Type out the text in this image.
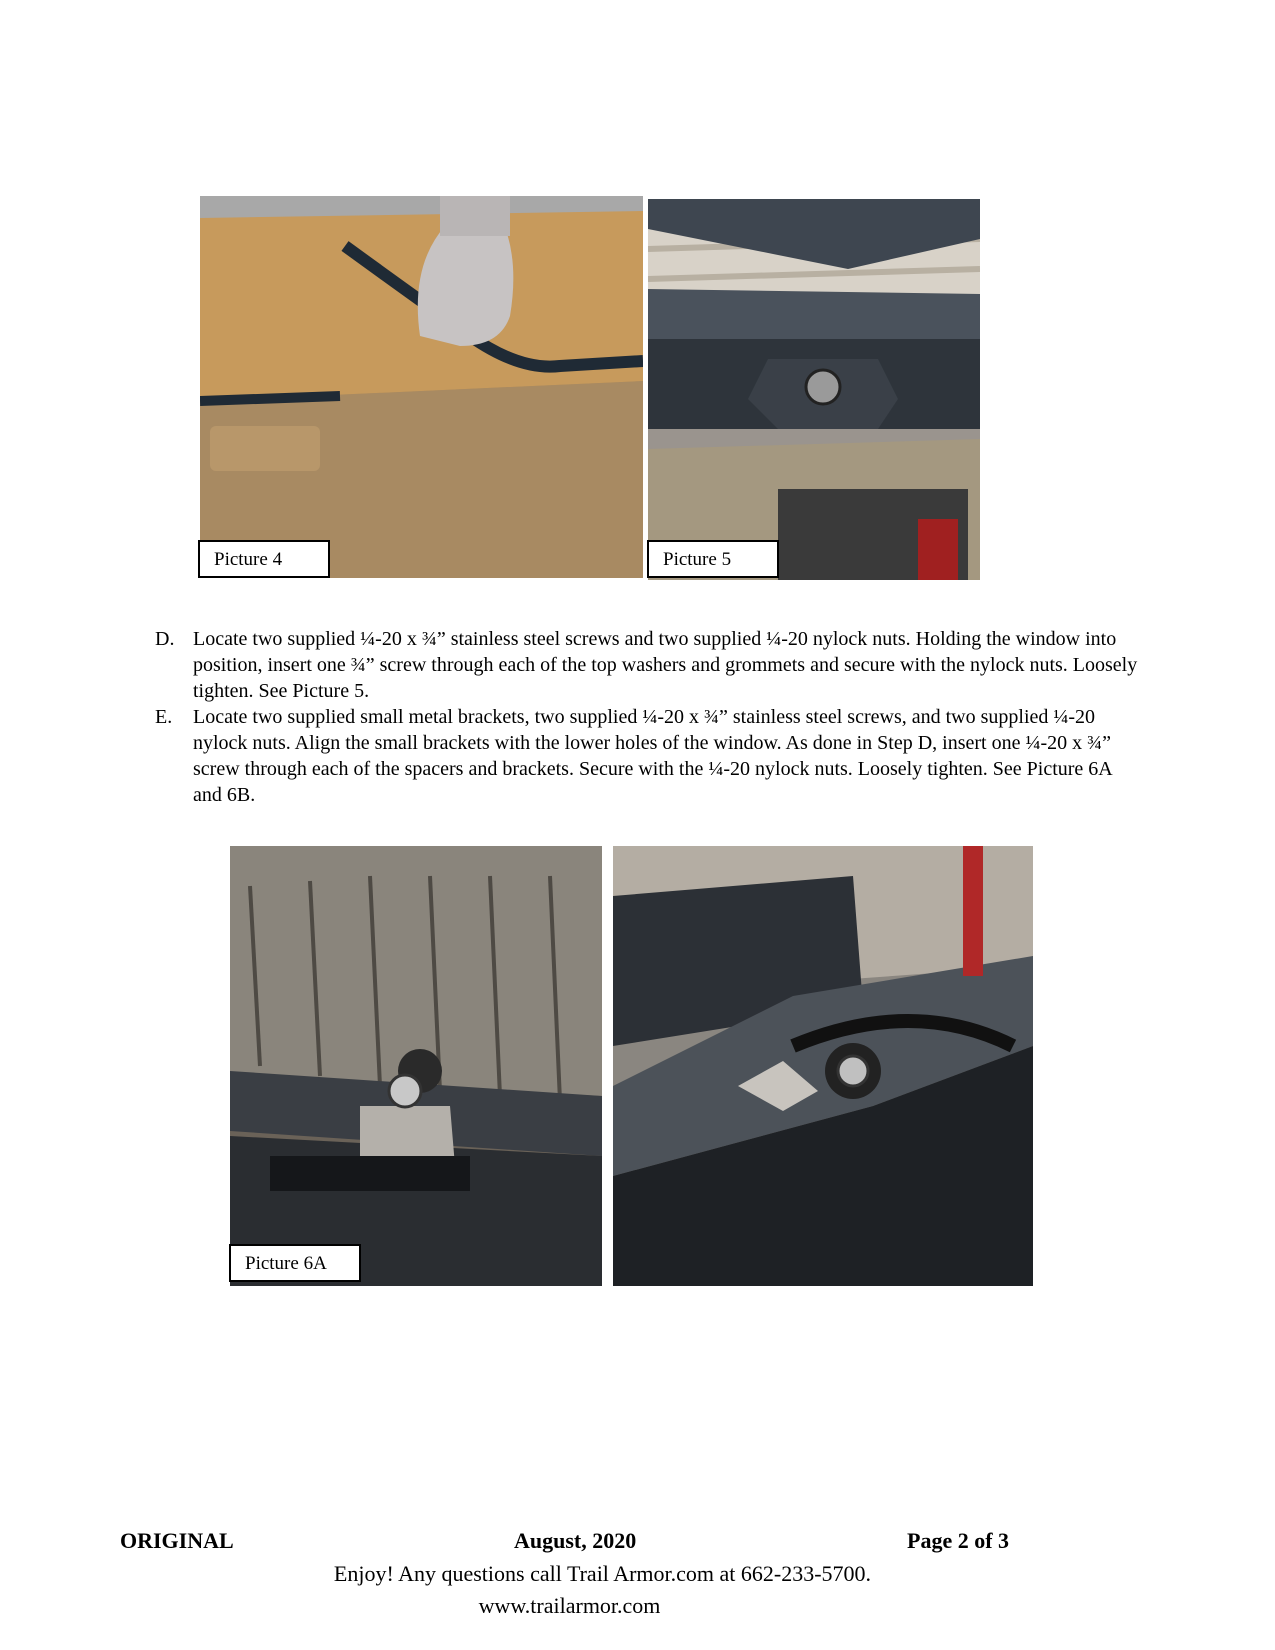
Picture 4	Picture 5
D. Locate two supplied ¼-20 x ¾” stainless steel screws and two supplied ¼-20 nylock nuts. Holding the window into position, insert one ¾” screw through each of the top washers and grommets and secure with the nylock nuts. Loosely tighten. See Picture 5.
E. Locate two supplied small metal brackets, two supplied ¼-20 x ¾” stainless steel screws, and two supplied ¼-20 nylock nuts. Align the small brackets with the lower holes of the window. As done in Step D, insert one ¼-20 x ¾” screw through each of the spacers and brackets. Secure with the ¼-20 nylock nuts. Loosely tighten. See Picture 6A and 6B.
Picture 6A
ORIGINAL	August, 2020	Page 2 of 3
Enjoy! Any questions call Trail Armor.com at 662-233-5700.
www.trailarmor.com
